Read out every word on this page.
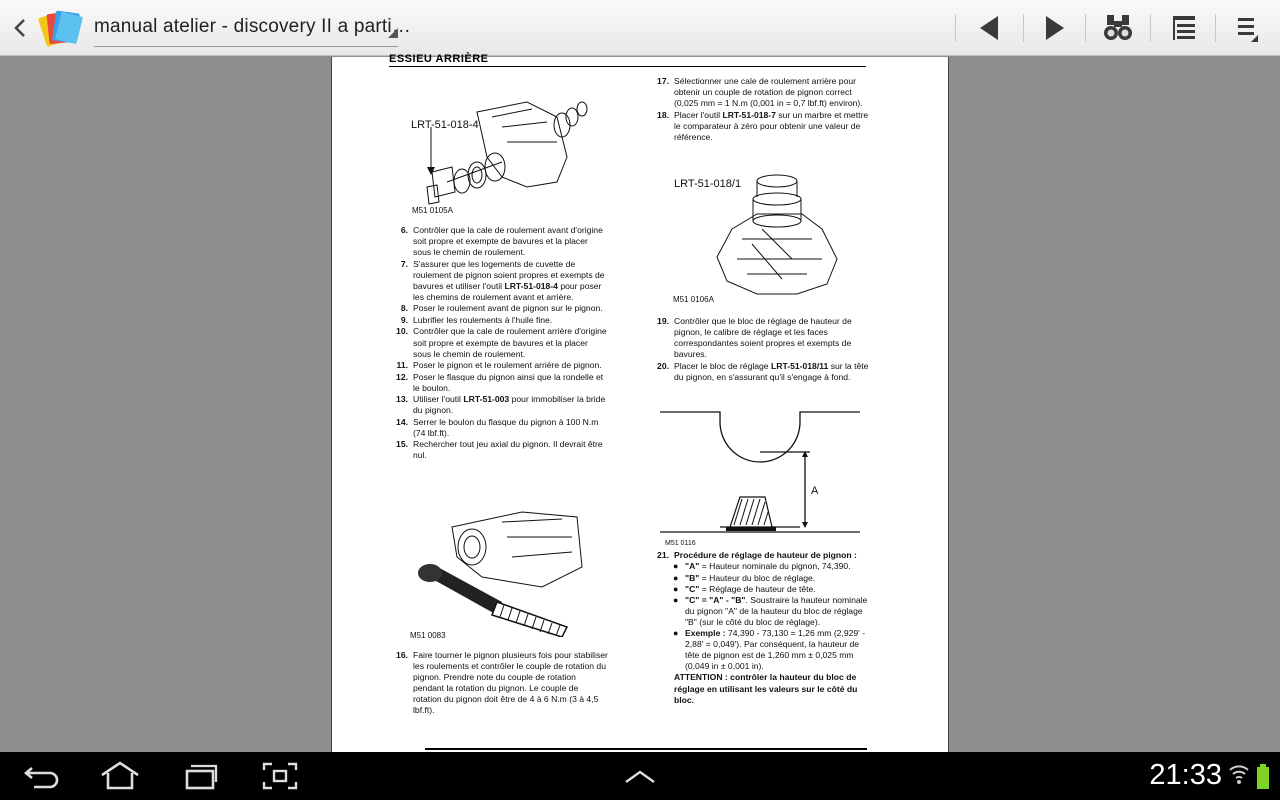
manual atelier - discovery II a parti…
ESSIEU ARRIÈRE
LRT-51-018-4
M51 0105A
6. Contrôler que la cale de roulement avant d'origine soit propre et exempte de bavures et la placer sous le chemin de roulement.
7. S'assurer que les logements de cuvette de roulement de pignon soient propres et exempts de bavures et utiliser l'outil LRT-51-018-4 pour poser les chemins de roulement avant et arrière.
8. Poser le roulement avant de pignon sur le pignon.
9. Lubrifier les roulements à l'huile fine.
10. Contrôler que la cale de roulement arrière d'origine soit propre et exempte de bavures et la placer sous le chemin de roulement.
11. Poser le pignon et le roulement arrière de pignon.
12. Poser le flasque du pignon ainsi que la rondelle et le boulon.
13. Utiliser l'outil LRT-51-003 pour immobiliser la bride du pignon.
14. Serrer le boulon du flasque du pignon à 100 N.m (74 lbf.ft).
15. Rechercher tout jeu axial du pignon. Il devrait être nul.
M51 0083
16. Faire tourner le pignon plusieurs fois pour stabiliser les roulements et contrôler le couple de rotation du pignon. Prendre note du couple de rotation pendant la rotation du pignon. Le couple de rotation du pignon doit être de 4 à 6 N.m (3 à 4,5 lbf.ft).
17. Sélectionner une cale de roulement arrière pour obtenir un couple de rotation de pignon correct (0,025 mm = 1 N.m (0,001 in = 0,7 lbf.ft) environ).
18. Placer l'outil LRT-51-018-7 sur un marbre et mettre le comparateur à zéro pour obtenir une valeur de référence.
LRT-51-018/1
M51 0106A
19. Contrôler que le bloc de réglage de hauteur de pignon, le calibre de réglage et les faces correspondantes soient propres et exempts de bavures.
20. Placer le bloc de réglage LRT-51-018/11 sur la tête du pignon, en s'assurant qu'il s'engage à fond.
A
M51 0116
21. Procédure de réglage de hauteur de pignon :
● "A" = Hauteur nominale du pignon, 74,390.
● "B" = Hauteur du bloc de réglage.
● "C" = Réglage de hauteur de tête.
● "C" = "A" - "B". Soustraire la hauteur nominale du pignon "A" de la hauteur du bloc de réglage "B" (sur le côté du bloc de réglage).
● Exemple : 74,390 - 73,130 = 1,26 mm (2,929' - 2,88' = 0,049'). Par conséquent, la hauteur de tête de pignon est de 1,260 mm ± 0,025 mm (0,049 in ± 0,001 in).
ATTENTION : contrôler la hauteur du bloc de réglage en utilisant les valeurs sur le côté du bloc.
21:33
